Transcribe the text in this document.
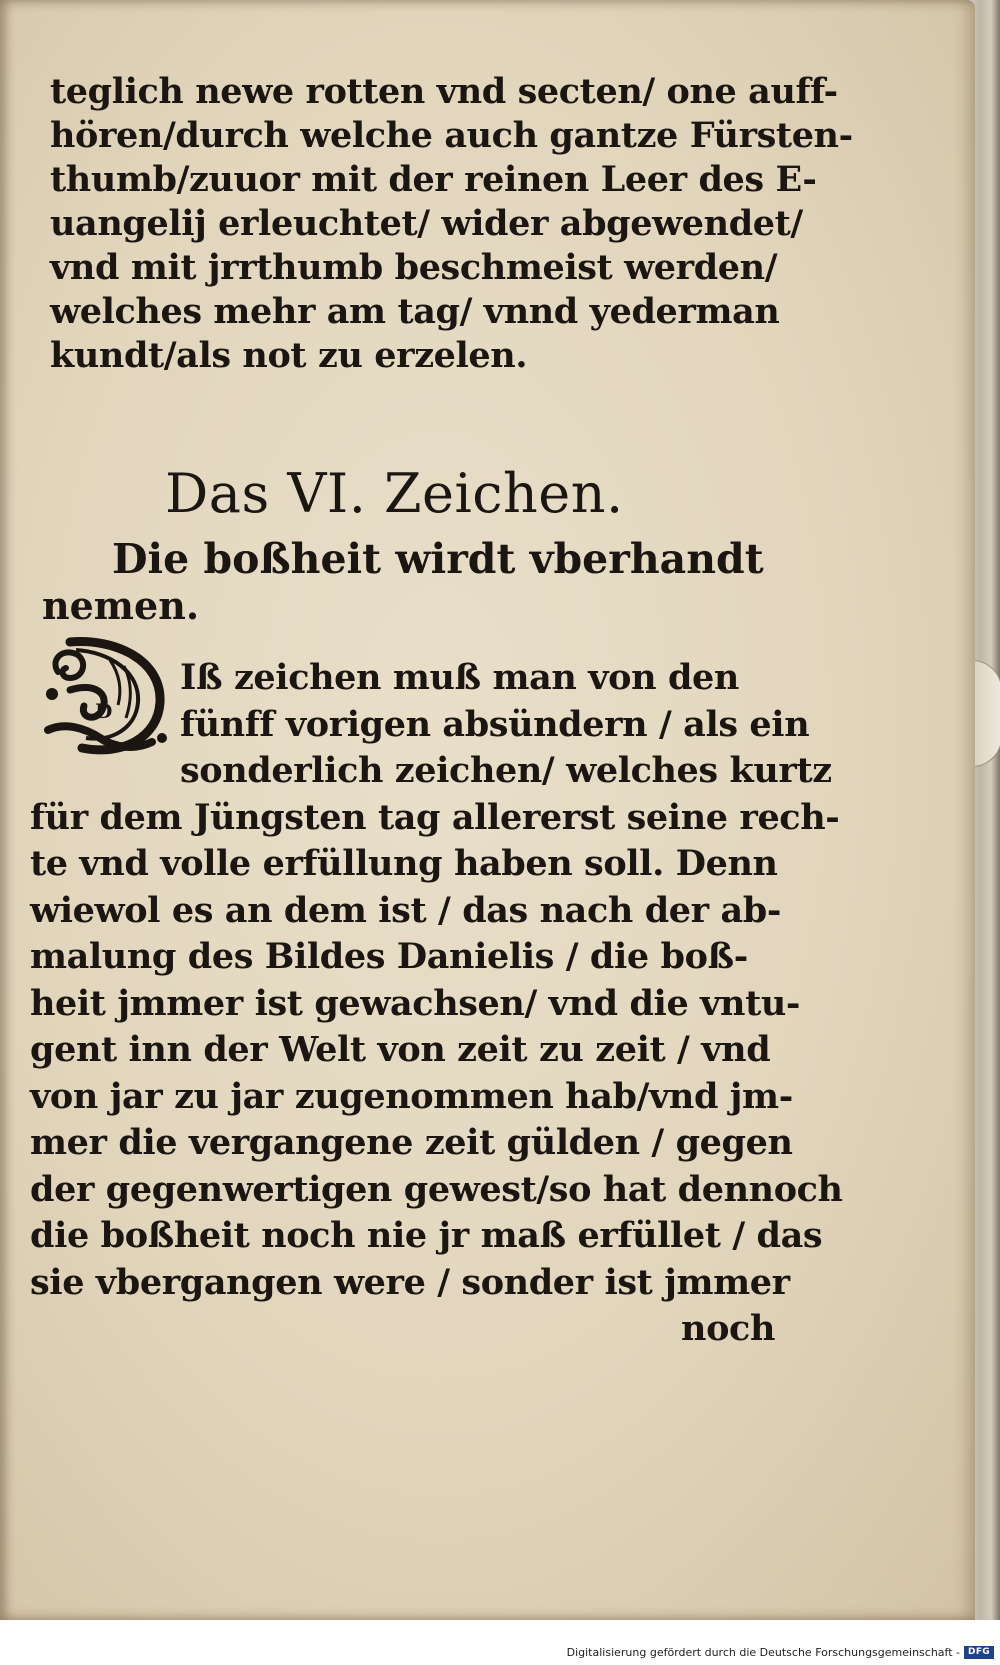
teglich newe rotten vnd secten/ one auff-
hören/durch welche auch gantze Fürsten-
thumb/zuuor mit der reinen Leer des E-
uangelij erleuchtet/ wider abgewendet/
vnd mit jrrthumb beschmeist werden/
welches mehr am tag/ vnnd yederman
kundt/als not zu erzelen.
Das VI. Zeichen.
Die boßheit wirdt vberhandt
nemen.
D
Iß zeichen muß man von den
fünff vorigen absündern / als ein
sonderlich zeichen/ welches kurtz
für dem Jüngsten tag allererst seine rech-
te vnd volle erfüllung haben soll. Denn
wiewol es an dem ist / das nach der ab-
malung des Bildes Danielis / die boß-
heit jmmer ist gewachsen/ vnd die vntu-
gent inn der Welt von zeit zu zeit / vnd
von jar zu jar zugenommen hab/vnd jm-
mer die vergangene zeit gülden / gegen
der gegenwertigen gewest/so hat dennoch
die boßheit noch nie jr maß erfüllet / das
sie vbergangen were / sonder ist jmmer
noch
Digitalisierung gefördert durch die Deutsche Forschungsgemeinschaft - DFG
